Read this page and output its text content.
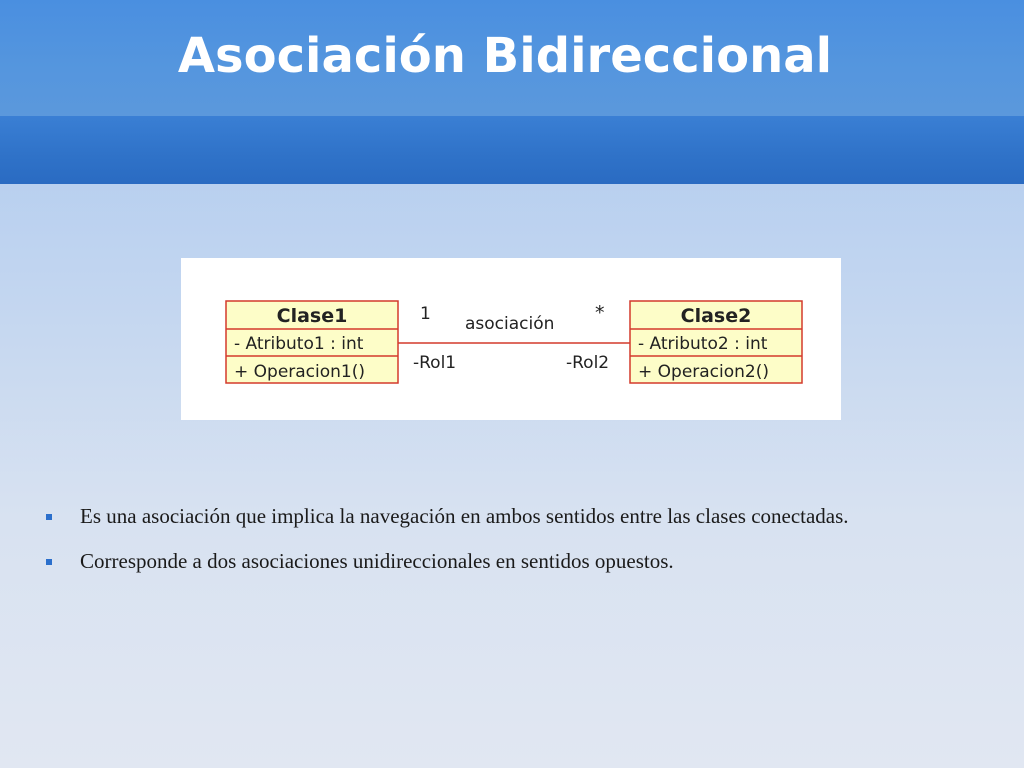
Asociación Bidireccional
Clase1
- Atributo1 : int
+ Operacion1()
Clase2
- Atributo2 : int
+ Operacion2()
1 asociación *
-Rol1	-Rol2
Es una asociación que implica la navegación en ambos sentidos entre las clases conectadas.
Corresponde a dos asociaciones unidireccionales en sentidos opuestos.
